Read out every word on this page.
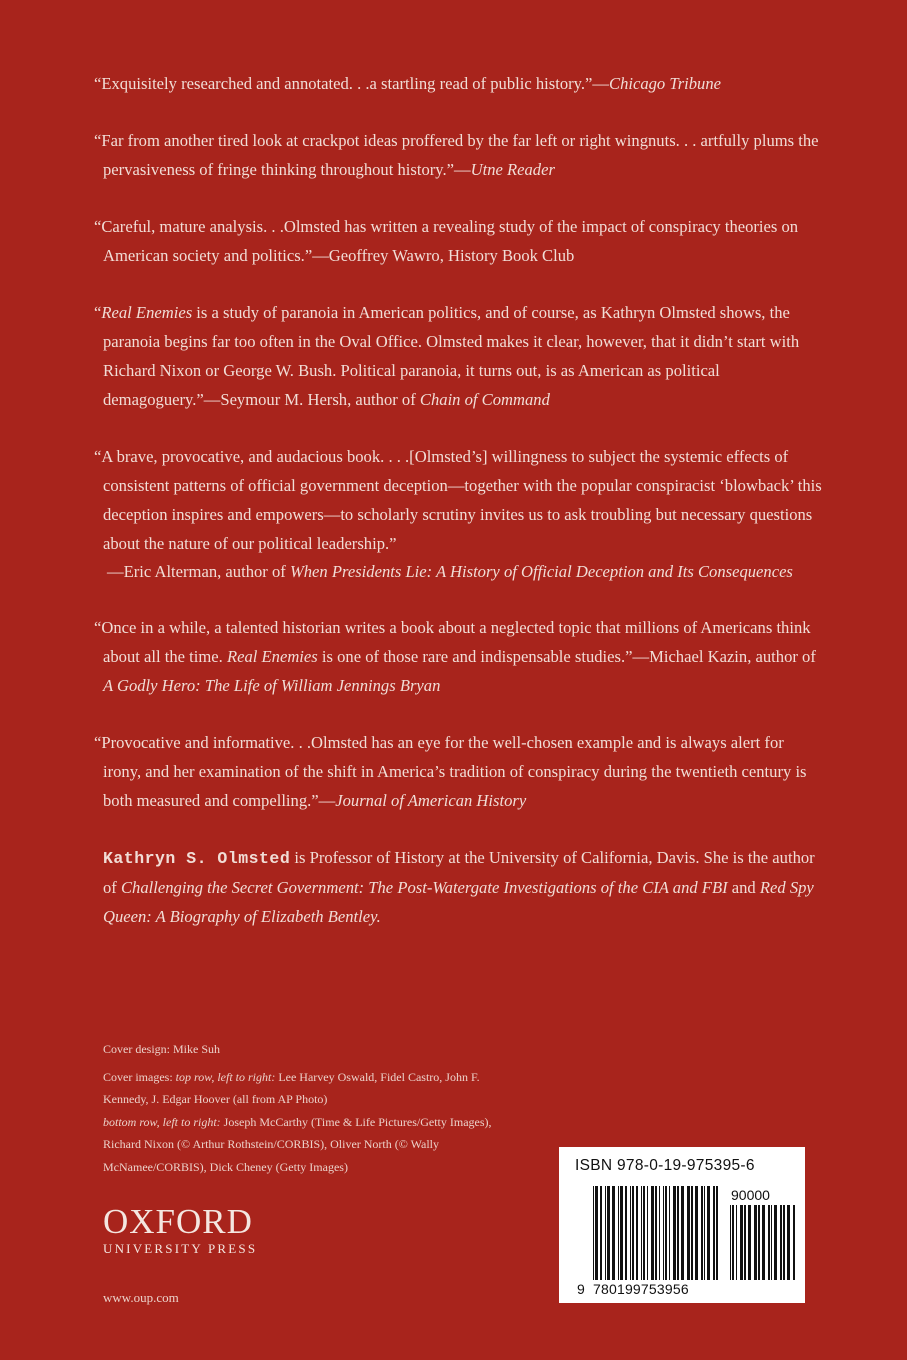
“Exquisitely researched and annotated. . .a startling read of public history.”—Chicago Tribune

“Far from another tired look at crackpot ideas proffered by the far left or right wingnuts. . . artfully plums the pervasiveness of fringe thinking throughout history.”—Utne Reader

“Careful, mature analysis. . .Olmsted has written a revealing study of the impact of conspiracy theories on American society and politics.”—Geoffrey Wawro, History Book Club

“Real Enemies is a study of paranoia in American politics, and of course, as Kathryn Olmsted shows, the paranoia begins far too often in the Oval Office. Olmsted makes it clear, however, that it didn’t start with Richard Nixon or George W. Bush. Political paranoia, it turns out, is as American as political demagoguery.”—Seymour M. Hersh, author of Chain of Command

“A brave, provocative, and audacious book. . . .[Olmsted’s] willingness to subject the systemic effects of consistent patterns of official government deception—together with the popular conspiracist ‘blowback’ this deception inspires and empowers—to scholarly scrutiny invites us to ask troubling but necessary questions about the nature of our political leadership.”
—Eric Alterman, author of When Presidents Lie: A History of Official Deception and Its Consequences

“Once in a while, a talented historian writes a book about a neglected topic that millions of Americans think about all the time. Real Enemies is one of those rare and indispensable studies.”—Michael Kazin, author of A Godly Hero: The Life of William Jennings Bryan

“Provocative and informative. . .Olmsted has an eye for the well-chosen example and is always alert for irony, and her examination of the shift in America’s tradition of conspiracy during the twentieth century is both measured and compelling.”—Journal of American History

Kathryn S. Olmsted is Professor of History at the University of California, Davis. She is the author of Challenging the Secret Government: The Post-Watergate Investigations of the CIA and FBI and Red Spy Queen: A Biography of Elizabeth Bentley.

Cover design: Mike Suh

Cover images: top row, left to right: Lee Harvey Oswald, Fidel Castro, John F. Kennedy, J. Edgar Hoover (all from AP Photo)

bottom row, left to right: Joseph McCarthy (Time & Life Pictures/Getty Images), Richard Nixon (© Arthur Rothstein/CORBIS), Oliver North (© Wally McNamee/CORBIS), Dick Cheney (Getty Images)

OXFORD
UNIVERSITY PRESS
www.oup.com
ISBN 978-0-19-975395-6
90000
9 780199753956
